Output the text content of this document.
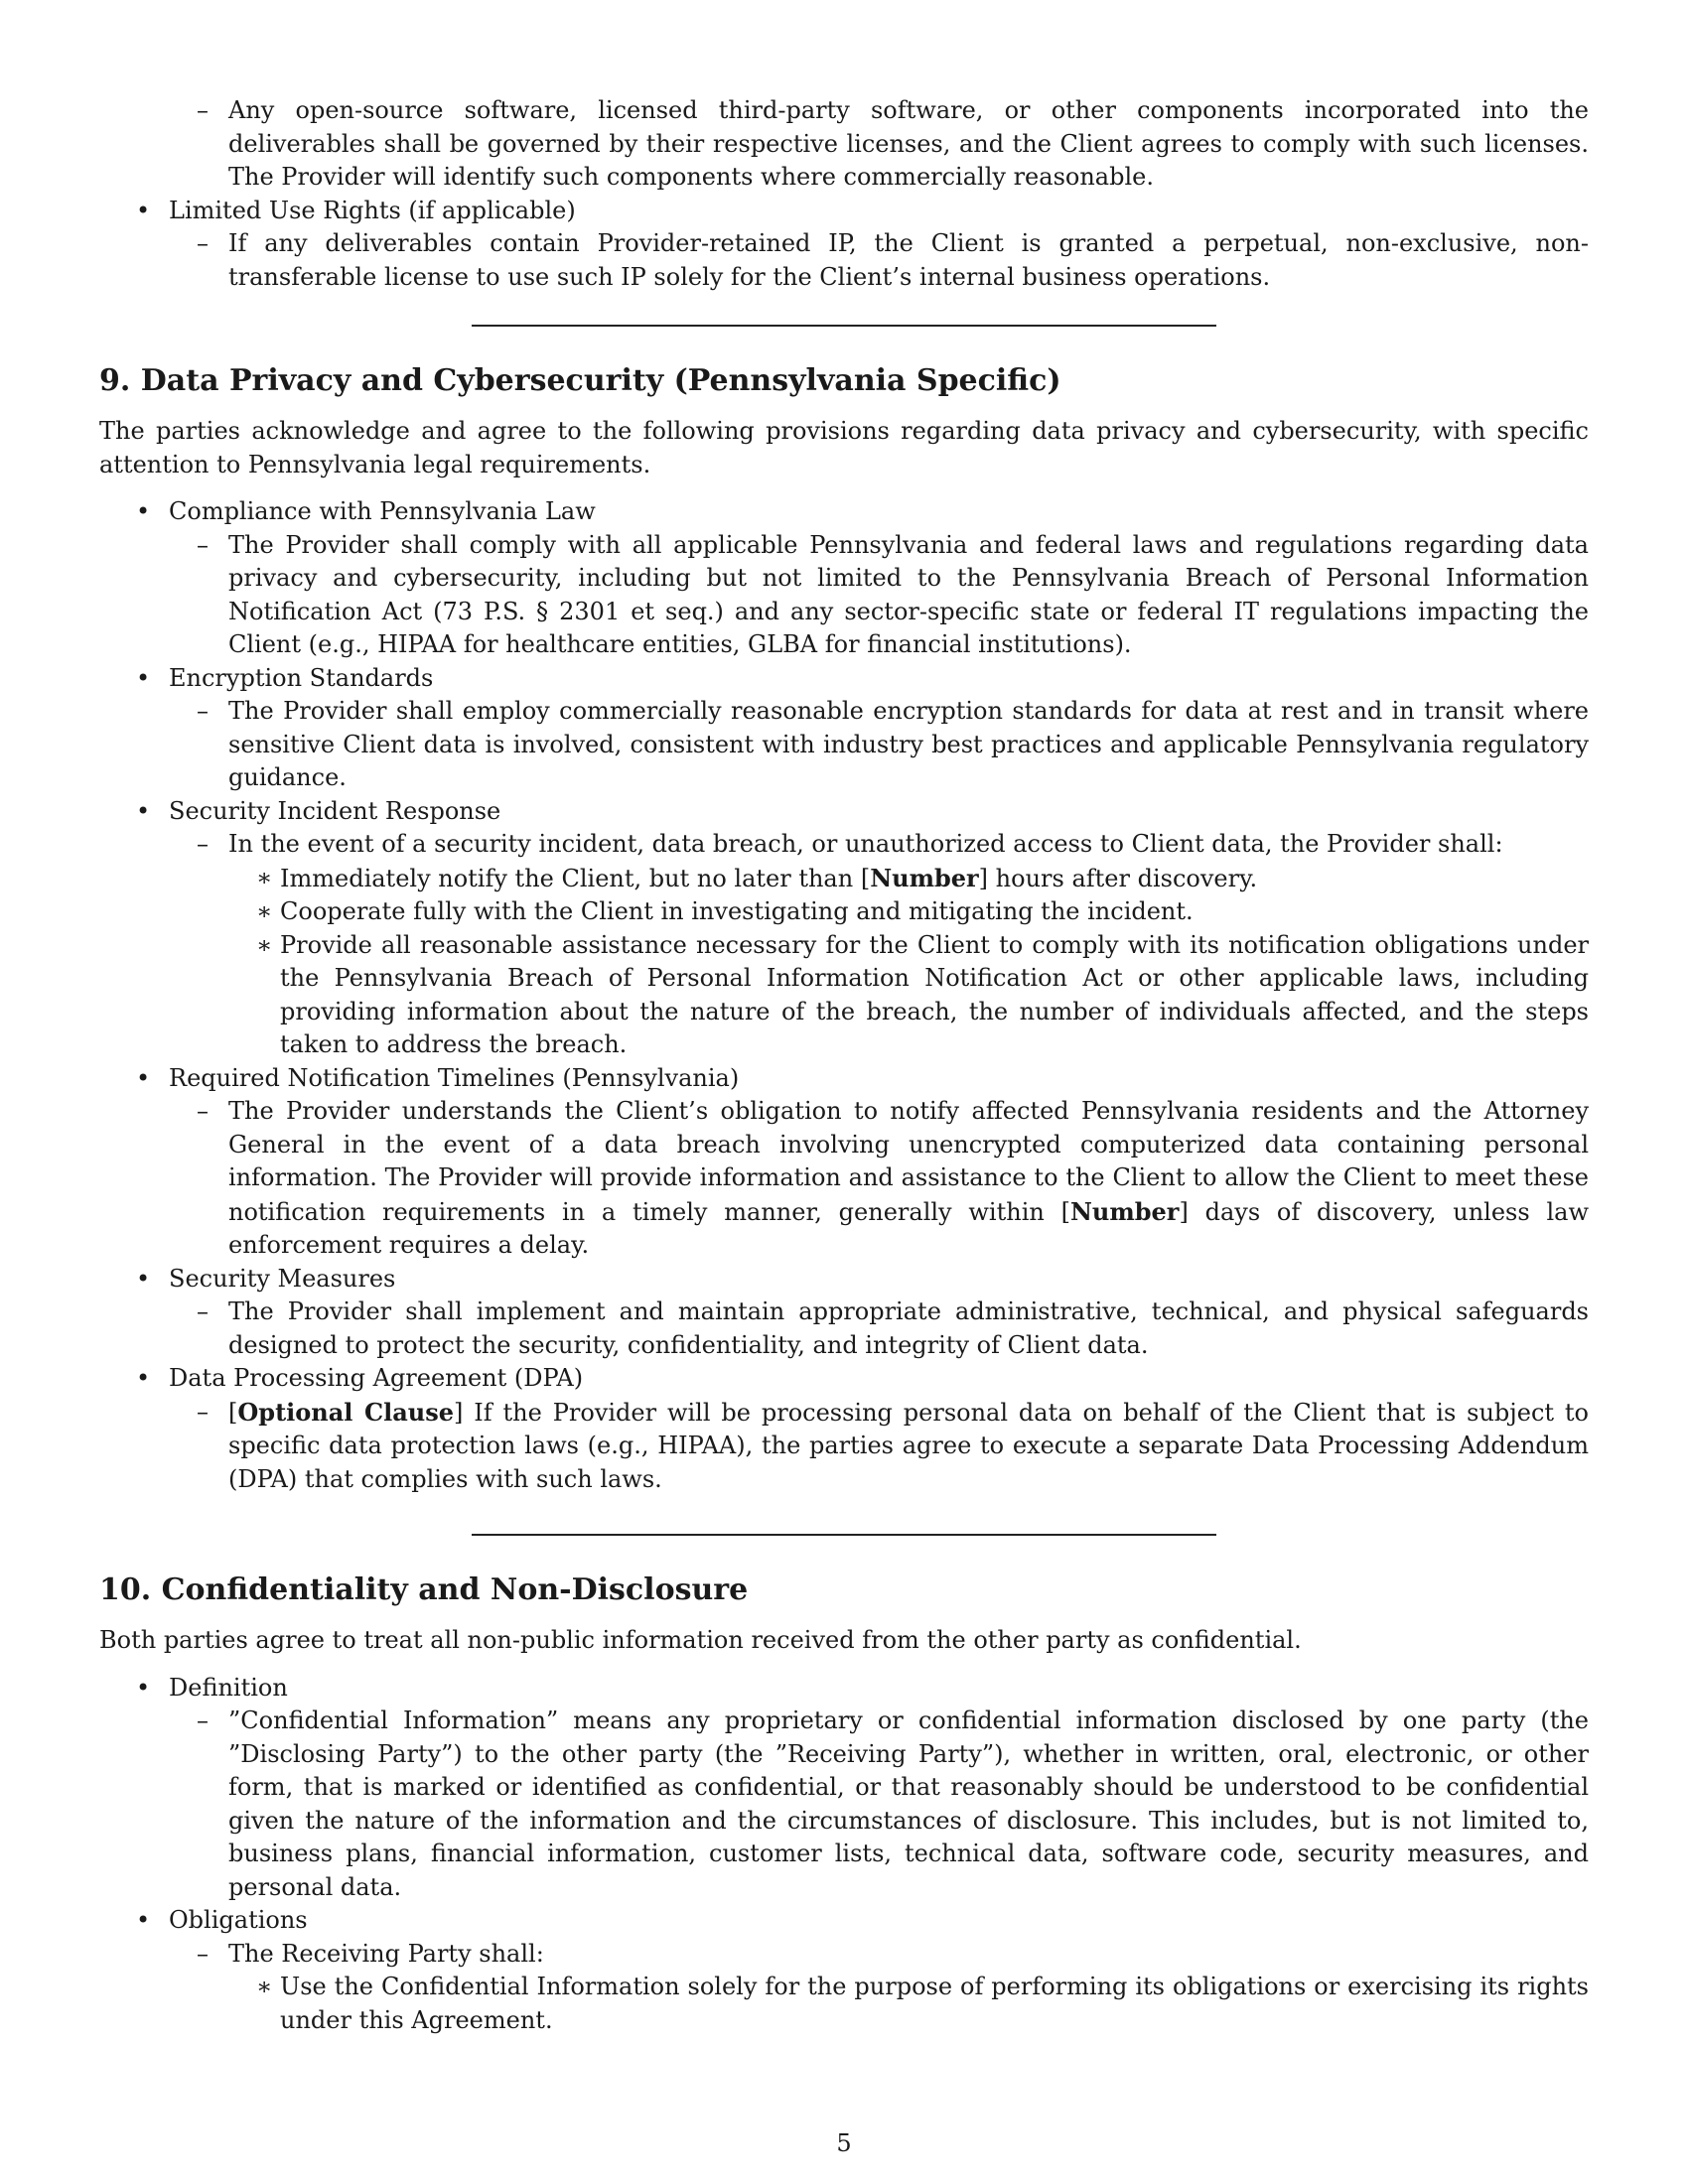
– Any open-source software, licensed third-party software, or other components incorporated into the deliverables shall be governed by their respective licenses, and the Client agrees to comply with such licenses. The Provider will identify such components where commercially reasonable.
• Limited Use Rights (if applicable)
– If any deliverables contain Provider-retained IP, the Client is granted a perpetual, non-exclusive, non-transferable license to use such IP solely for the Client’s internal business operations.
9. Data Privacy and Cybersecurity (Pennsylvania Specific)

The parties acknowledge and agree to the following provisions regarding data privacy and cybersecurity, with specific attention to Pennsylvania legal requirements.

• Compliance with Pennsylvania Law
– The Provider shall comply with all applicable Pennsylvania and federal laws and regulations regarding data privacy and cybersecurity, including but not limited to the Pennsylvania Breach of Personal Information Notification Act (73 P.S. § 2301 et seq.) and any sector-specific state or federal IT regulations impacting the Client (e.g., HIPAA for healthcare entities, GLBA for financial institutions).
• Encryption Standards
– The Provider shall employ commercially reasonable encryption standards for data at rest and in transit where sensitive Client data is involved, consistent with industry best practices and applicable Pennsylvania regulatory guidance.
• Security Incident Response
– In the event of a security incident, data breach, or unauthorized access to Client data, the Provider shall:
∗ Immediately notify the Client, but no later than [Number] hours after discovery.
∗ Cooperate fully with the Client in investigating and mitigating the incident.
∗ Provide all reasonable assistance necessary for the Client to comply with its notification obligations under the Pennsylvania Breach of Personal Information Notification Act or other applicable laws, including providing information about the nature of the breach, the number of individuals affected, and the steps taken to address the breach.
• Required Notification Timelines (Pennsylvania)
– The Provider understands the Client’s obligation to notify affected Pennsylvania residents and the Attorney General in the event of a data breach involving unencrypted computerized data containing personal information. The Provider will provide information and assistance to the Client to allow the Client to meet these notification requirements in a timely manner, generally within [Number] days of discovery, unless law enforcement requires a delay.
• Security Measures
– The Provider shall implement and maintain appropriate administrative, technical, and physical safeguards designed to protect the security, confidentiality, and integrity of Client data.
• Data Processing Agreement (DPA)
– [Optional Clause] If the Provider will be processing personal data on behalf of the Client that is subject to specific data protection laws (e.g., HIPAA), the parties agree to execute a separate Data Processing Addendum (DPA) that complies with such laws.
10. Confidentiality and Non-Disclosure

Both parties agree to treat all non-public information received from the other party as confidential.

• Definition
– ”Confidential Information” means any proprietary or confidential information disclosed by one party (the ”Disclosing Party”) to the other party (the ”Receiving Party”), whether in written, oral, electronic, or other form, that is marked or identified as confidential, or that reasonably should be understood to be confidential given the nature of the information and the circumstances of disclosure. This includes, but is not limited to, business plans, financial information, customer lists, technical data, software code, security measures, and personal data.
• Obligations
– The Receiving Party shall:
∗ Use the Confidential Information solely for the purpose of performing its obligations or exercising its rights under this Agreement.
5
